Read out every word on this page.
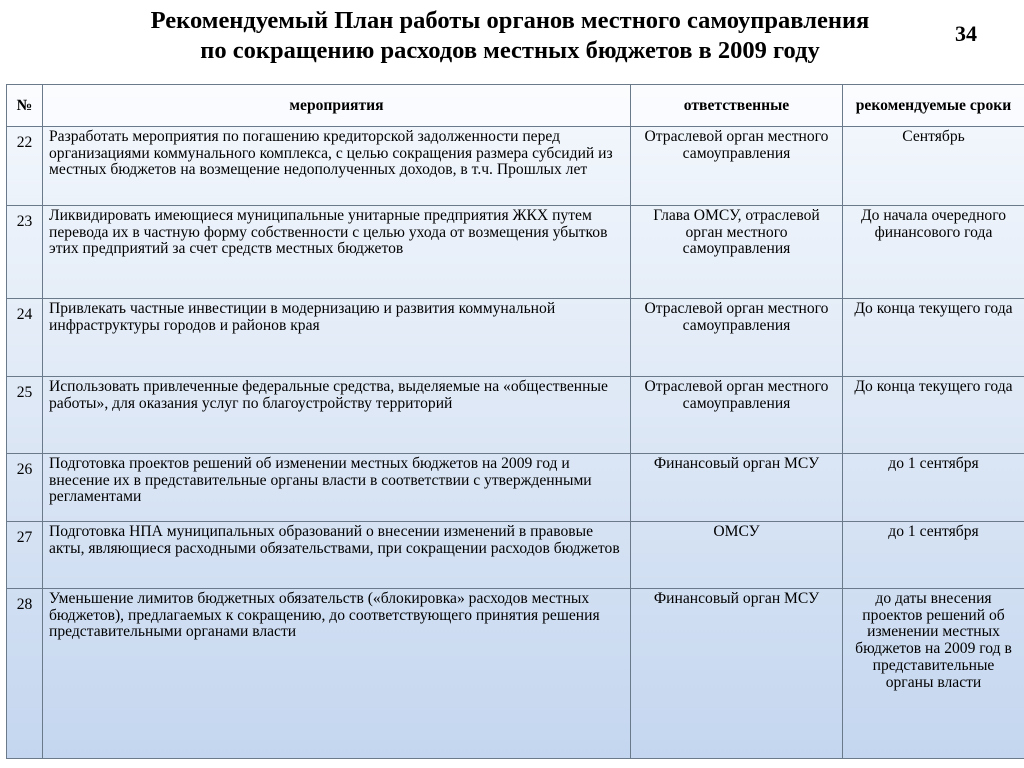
Рекомендуемый План работы органов местного самоуправления
по сокращению расходов местных бюджетов в 2009 году
34
№	мероприятия	ответственные	рекомендуемые сроки	
22	Разработать мероприятия по погашению кредиторской задолженности перед организациями коммунального комплекса, с целью сокращения размера субсидий из местных бюджетов на возмещение недополученных доходов, в т.ч. Прошлых лет	Отраслевой орган местного самоуправления	Сентябрь	
23	Ликвидировать имеющиеся муниципальные унитарные предприятия ЖКХ путем перевода их в частную форму собственности с целью ухода от возмещения убытков этих предприятий за счет средств местных бюджетов	Глава ОМСУ, отраслевой орган местного самоуправления	До начала очередного финансового года	
24	Привлекать частные инвестиции в модернизацию и развития коммунальной инфраструктуры городов и районов края	Отраслевой орган местного самоуправления	До конца текущего года	
25	Использовать привлеченные федеральные средства, выделяемые на «общественные работы», для оказания услуг по благоустройству территорий	Отраслевой орган местного самоуправления	До конца текущего года	
26	Подготовка проектов решений об изменении местных бюджетов на 2009 год и внесение их в представительные органы власти в соответствии с утвержденными регламентами	Финансовый орган МСУ	до 1 сентября	
27	Подготовка НПА муниципальных образований о внесении изменений в правовые акты, являющиеся расходными обязательствами, при сокращении расходов бюджетов	ОМСУ	до 1 сентября	
28	Уменьшение лимитов бюджетных обязательств («блокировка» расходов местных бюджетов), предлагаемых к сокращению, до соответствующего принятия решения представительными органами власти	Финансовый орган МСУ	до даты внесения проектов решений об изменении местных бюджетов на 2009 год в представительные органы власти	
